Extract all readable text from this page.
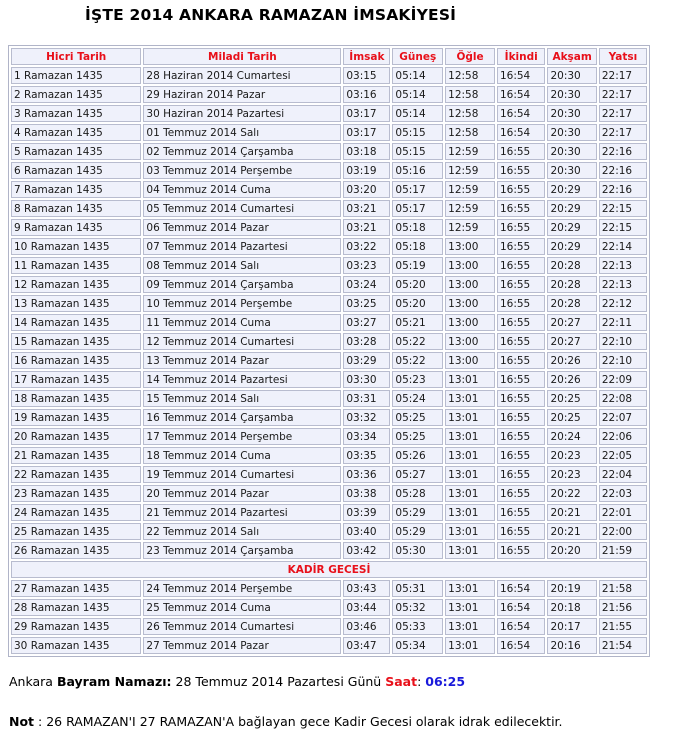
İŞTE 2014 ANKARA RAMAZAN İMSAKİYESİ
Hicri Tarih	Miladi Tarih	İmsak	Güneş	Öğle	İkindi	Akşam	Yatsı
1 Ramazan 1435	28 Haziran 2014 Cumartesi	03:15	05:14	12:58	16:54	20:30	22:17
2 Ramazan 1435	29 Haziran 2014 Pazar	03:16	05:14	12:58	16:54	20:30	22:17
3 Ramazan 1435	30 Haziran 2014 Pazartesi	03:17	05:14	12:58	16:54	20:30	22:17
4 Ramazan 1435	01 Temmuz 2014 Salı	03:17	05:15	12:58	16:54	20:30	22:17
5 Ramazan 1435	02 Temmuz 2014 Çarşamba	03:18	05:15	12:59	16:55	20:30	22:16
6 Ramazan 1435	03 Temmuz 2014 Perşembe	03:19	05:16	12:59	16:55	20:30	22:16
7 Ramazan 1435	04 Temmuz 2014 Cuma	03:20	05:17	12:59	16:55	20:29	22:16
8 Ramazan 1435	05 Temmuz 2014 Cumartesi	03:21	05:17	12:59	16:55	20:29	22:15
9 Ramazan 1435	06 Temmuz 2014 Pazar	03:21	05:18	12:59	16:55	20:29	22:15
10 Ramazan 1435	07 Temmuz 2014 Pazartesi	03:22	05:18	13:00	16:55	20:29	22:14
11 Ramazan 1435	08 Temmuz 2014 Salı	03:23	05:19	13:00	16:55	20:28	22:13
12 Ramazan 1435	09 Temmuz 2014 Çarşamba	03:24	05:20	13:00	16:55	20:28	22:13
13 Ramazan 1435	10 Temmuz 2014 Perşembe	03:25	05:20	13:00	16:55	20:28	22:12
14 Ramazan 1435	11 Temmuz 2014 Cuma	03:27	05:21	13:00	16:55	20:27	22:11
15 Ramazan 1435	12 Temmuz 2014 Cumartesi	03:28	05:22	13:00	16:55	20:27	22:10
16 Ramazan 1435	13 Temmuz 2014 Pazar	03:29	05:22	13:00	16:55	20:26	22:10
17 Ramazan 1435	14 Temmuz 2014 Pazartesi	03:30	05:23	13:01	16:55	20:26	22:09
18 Ramazan 1435	15 Temmuz 2014 Salı	03:31	05:24	13:01	16:55	20:25	22:08
19 Ramazan 1435	16 Temmuz 2014 Çarşamba	03:32	05:25	13:01	16:55	20:25	22:07
20 Ramazan 1435	17 Temmuz 2014 Perşembe	03:34	05:25	13:01	16:55	20:24	22:06
21 Ramazan 1435	18 Temmuz 2014 Cuma	03:35	05:26	13:01	16:55	20:23	22:05
22 Ramazan 1435	19 Temmuz 2014 Cumartesi	03:36	05:27	13:01	16:55	20:23	22:04
23 Ramazan 1435	20 Temmuz 2014 Pazar	03:38	05:28	13:01	16:55	20:22	22:03
24 Ramazan 1435	21 Temmuz 2014 Pazartesi	03:39	05:29	13:01	16:55	20:21	22:01
25 Ramazan 1435	22 Temmuz 2014 Salı	03:40	05:29	13:01	16:55	20:21	22:00
26 Ramazan 1435	23 Temmuz 2014 Çarşamba	03:42	05:30	13:01	16:55	20:20	21:59
KADİR GECESİ							
27 Ramazan 1435	24 Temmuz 2014 Perşembe	03:43	05:31	13:01	16:54	20:19	21:58
28 Ramazan 1435	25 Temmuz 2014 Cuma	03:44	05:32	13:01	16:54	20:18	21:56
29 Ramazan 1435	26 Temmuz 2014 Cumartesi	03:46	05:33	13:01	16:54	20:17	21:55
30 Ramazan 1435	27 Temmuz 2014 Pazar	03:47	05:34	13:01	16:54	20:16	21:54
Ankara Bayram Namazı: 28 Temmuz 2014 Pazartesi Günü Saat: 06:25
Not : 26 RAMAZAN'I 27 RAMAZAN'A bağlayan gece Kadir Gecesi olarak idrak edilecektir.
